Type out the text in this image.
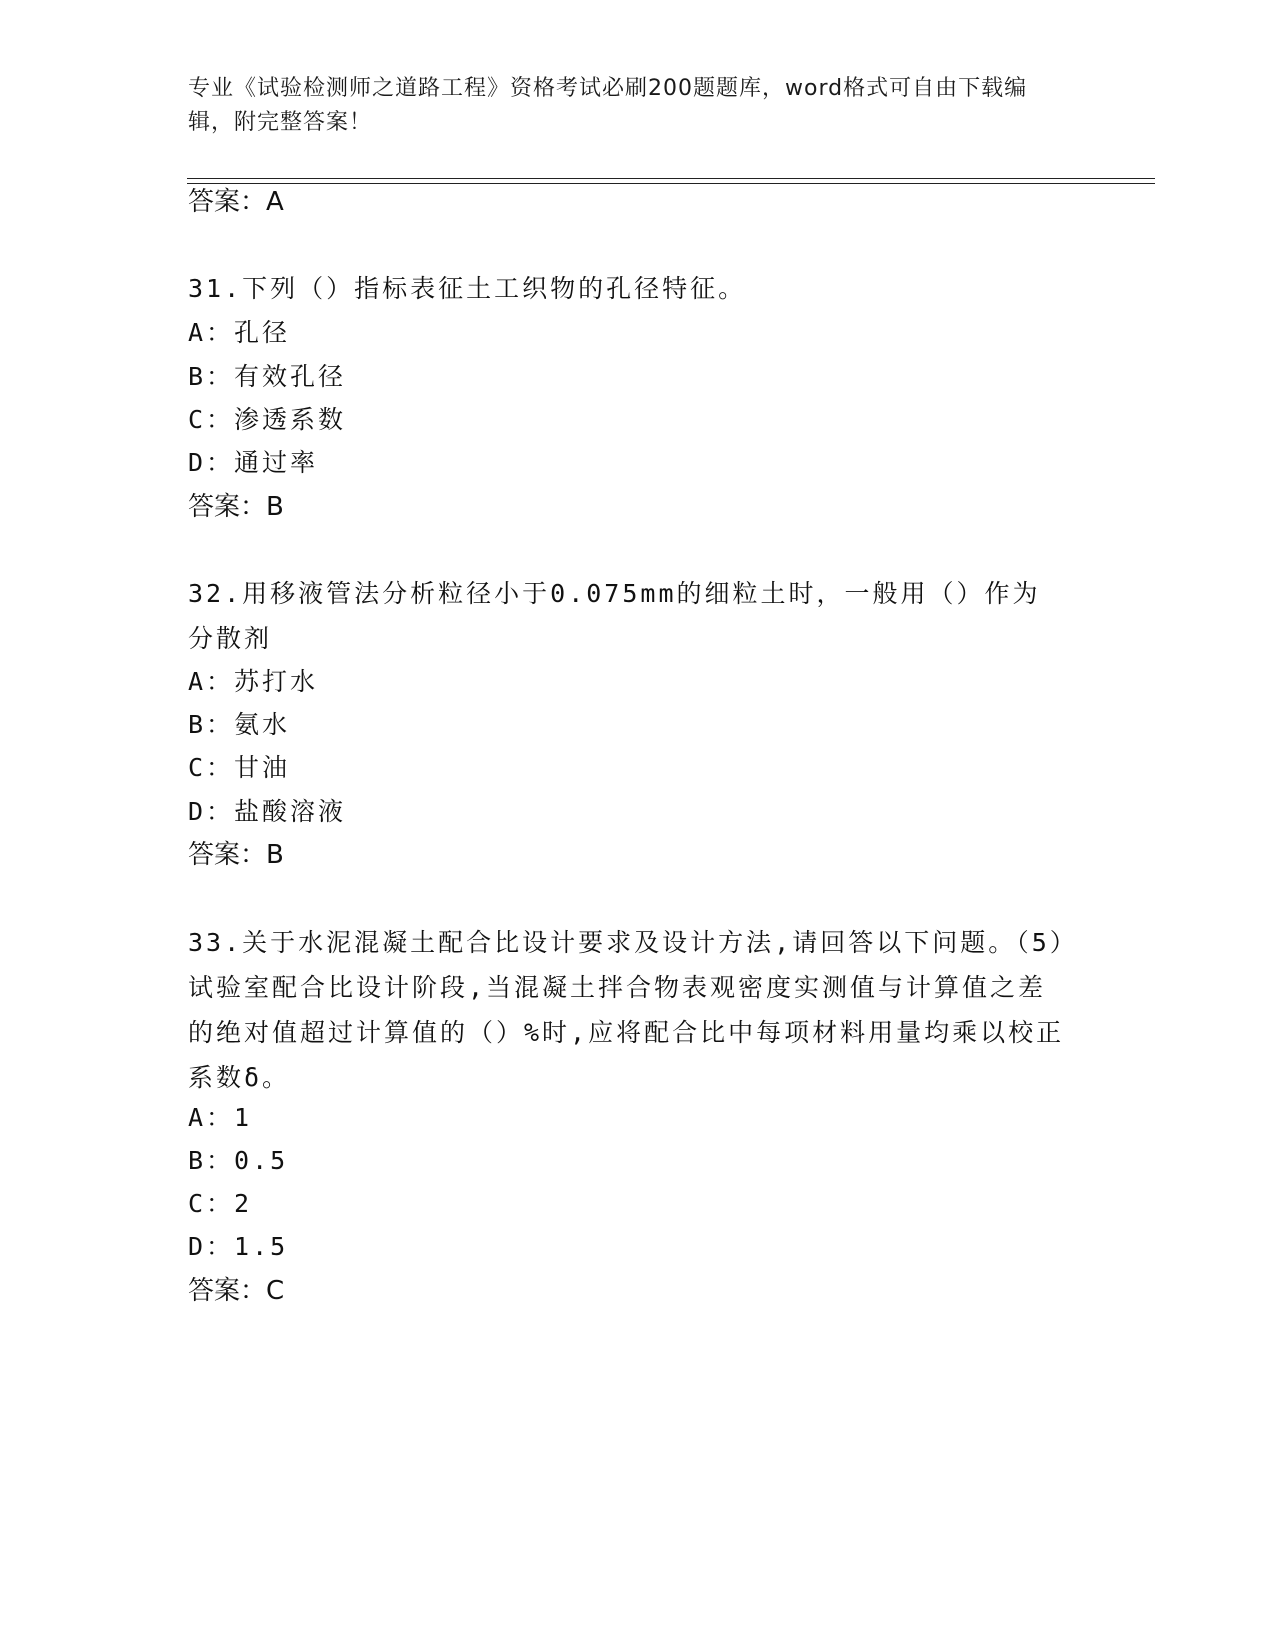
专业《试验检测师之道路工程》资格考试必刷200题题库，word格式可自由下载编辑，附完整答案！
答案：A
31.下列（）指标表征土工织物的孔径特征。
A：孔径
B：有效孔径
C：渗透系数
D：通过率
答案：B
32.用移液管法分析粒径小于0.075mm的细粒土时，一般用（）作为分散剂
A：苏打水
B：氨水
C：甘油
D：盐酸溶液
答案：B
33.关于水泥混凝土配合比设计要求及设计方法,请回答以下问题。（5）试验室配合比设计阶段,当混凝土拌合物表观密度实测值与计算值之差的绝对值超过计算值的（）%时,应将配合比中每项材料用量均乘以校正系数δ。
A：1
B：0.5
C：2
D：1.5
答案：C
